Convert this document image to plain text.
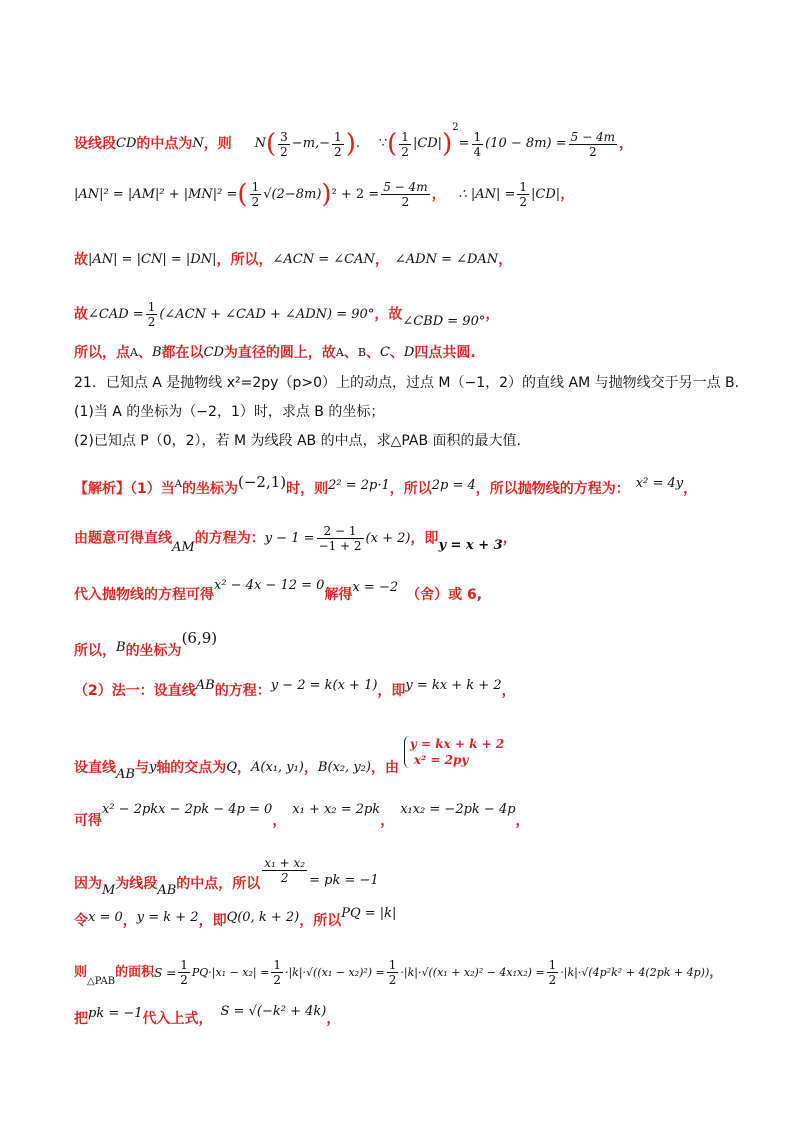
设线段CD的中点为N，则 $N( \frac{3}{2} -m,- \frac{1}{2}$ ). ∵( $\frac{1}{2} |CD|)^2= \frac{1}{4} (10 - 8m) = \frac{5 - 4m}{2}$ ，
|AN|² = |AM|² + |MN|² =( $\frac{1}{2} √(2-8m))^2 + 2 = \frac{5 - 4m}{2}$ ， ∴ $|AN| = \frac{1}{2} |CD|$，
故|AN| = |CN| = |DN|，所以，∠ACN = ∠CAN， ∠ADN = ∠DAN，
故∠CAD = $\frac{1}{2}$ (∠ACN + ∠CAD + ∠ADN) = 90°，故∠CBD = 90°，
所以，点A、B都在以CD为直径的圆上，故A、B、C、D四点共圆.
21．已知点 A 是抛物线 x²=2py（p>0）上的动点，过点 M（−1，2）的直线 AM 与抛物线交于另一点 B.
(1)当 A 的坐标为（−2，1）时，求点 B 的坐标；
(2)已知点 P（0，2），若 M 为线段 AB 的中点，求△PAB 面积的最大值.
【解析】（1）当A的坐标为(−2,1)时，则2² = 2p·1，所以2p = 4，所以抛物线的方程为： x² = 4y，
由题意可得直线AM的方程为：$y - 1 = \frac{2 - 1}{-1 + 2} (x + 2)$，即y = x + 3，
代入抛物线的方程可得x² − 4x − 12 = 0解得x = −2 （舍）或 6,
所以，B的坐标为(6,9)
（2）法一：设直线AB的方程：y − 2 = k(x + 1)，即y = kx + k + 2，
设直线AB与y轴的交点为Q，A(x₁, y₁)，B(x₂, y₂)，由
y = kx + k + 2
x² = 2py
可得x² − 2pkx − 2pk − 4p = 0，x₁ + x₂ = 2pk，x₁x₂ = −2pk − 4p，
因为M为线段AB的中点，所以 $\frac{\text{x₁ + x₂}}{2}$ = pk = −1
令x = 0，y = k + 2，即Q(0, k + 2)，所以PQ = |k|
则△PAB的面积$S = \frac{1}{2} PQ\cdot|x_1 - x_2| = \frac{1}{2} \cdot|k|\cdot√((x_1 - x_2)^2) = \frac{1}{2} \cdot|k|\cdot√((x_1 + x_2)^2 - 4x_1x_2) = \frac{1}{2} \cdot|k|\cdot√(4p^2k^2 + 4(2pk + 4p))$，
把pk = −1代入上式， S = √(−k² + 4k)，
